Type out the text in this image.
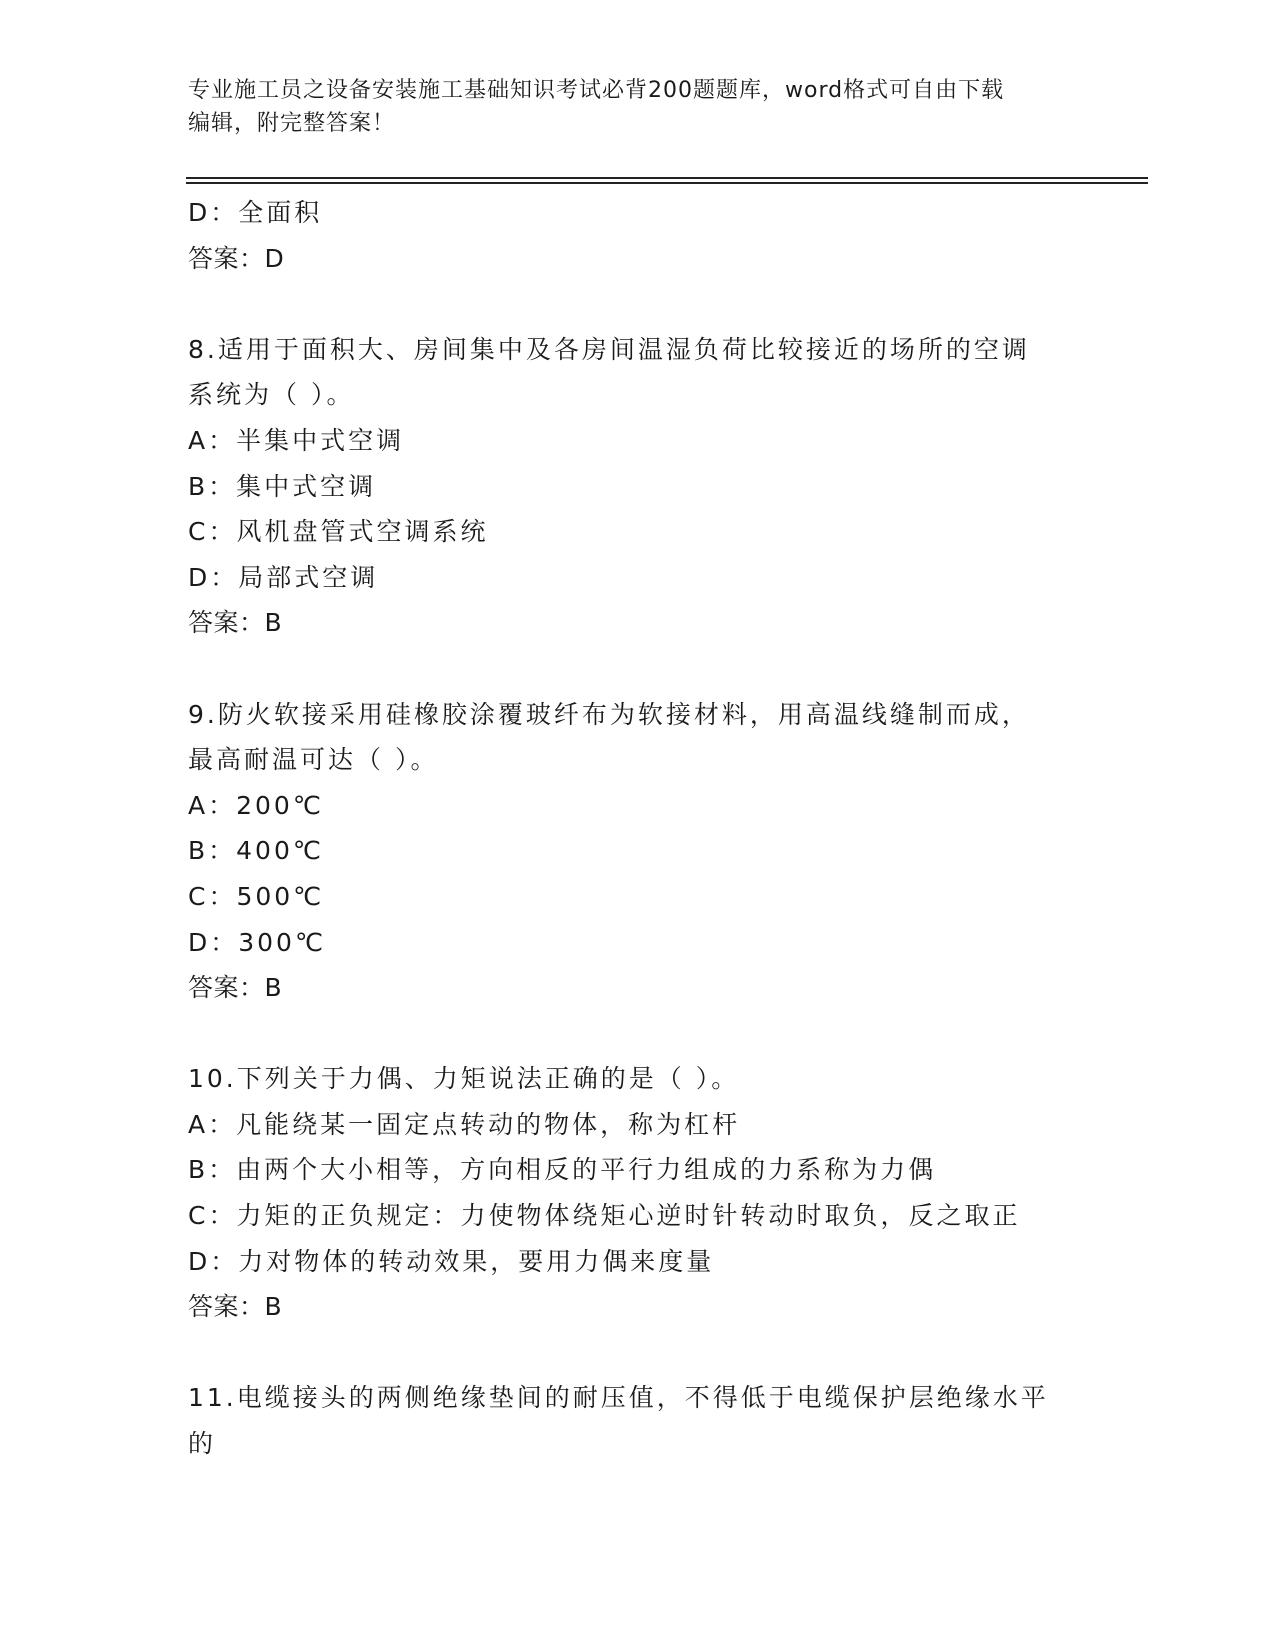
专业施工员之设备安装施工基础知识考试必背200题题库，word格式可自由下载
编辑，附完整答案！
D：全面积
答案：D
8.适用于面积大、房间集中及各房间温湿负荷比较接近的场所的空调
系统为（ ）。
A：半集中式空调
B：集中式空调
C：风机盘管式空调系统
D：局部式空调
答案：B
9.防火软接采用硅橡胶涂覆玻纤布为软接材料，用高温线缝制而成，
最高耐温可达（ ）。
A：200℃
B：400℃
C：500℃
D：300℃
答案：B
10.下列关于力偶、力矩说法正确的是（ ）。
A：凡能绕某一固定点转动的物体，称为杠杆
B：由两个大小相等，方向相反的平行力组成的力系称为力偶
C：力矩的正负规定：力使物体绕矩心逆时针转动时取负，反之取正
D：力对物体的转动效果，要用力偶来度量
答案：B
11.电缆接头的两侧绝缘垫间的耐压值，不得低于电缆保护层绝缘水平
的
